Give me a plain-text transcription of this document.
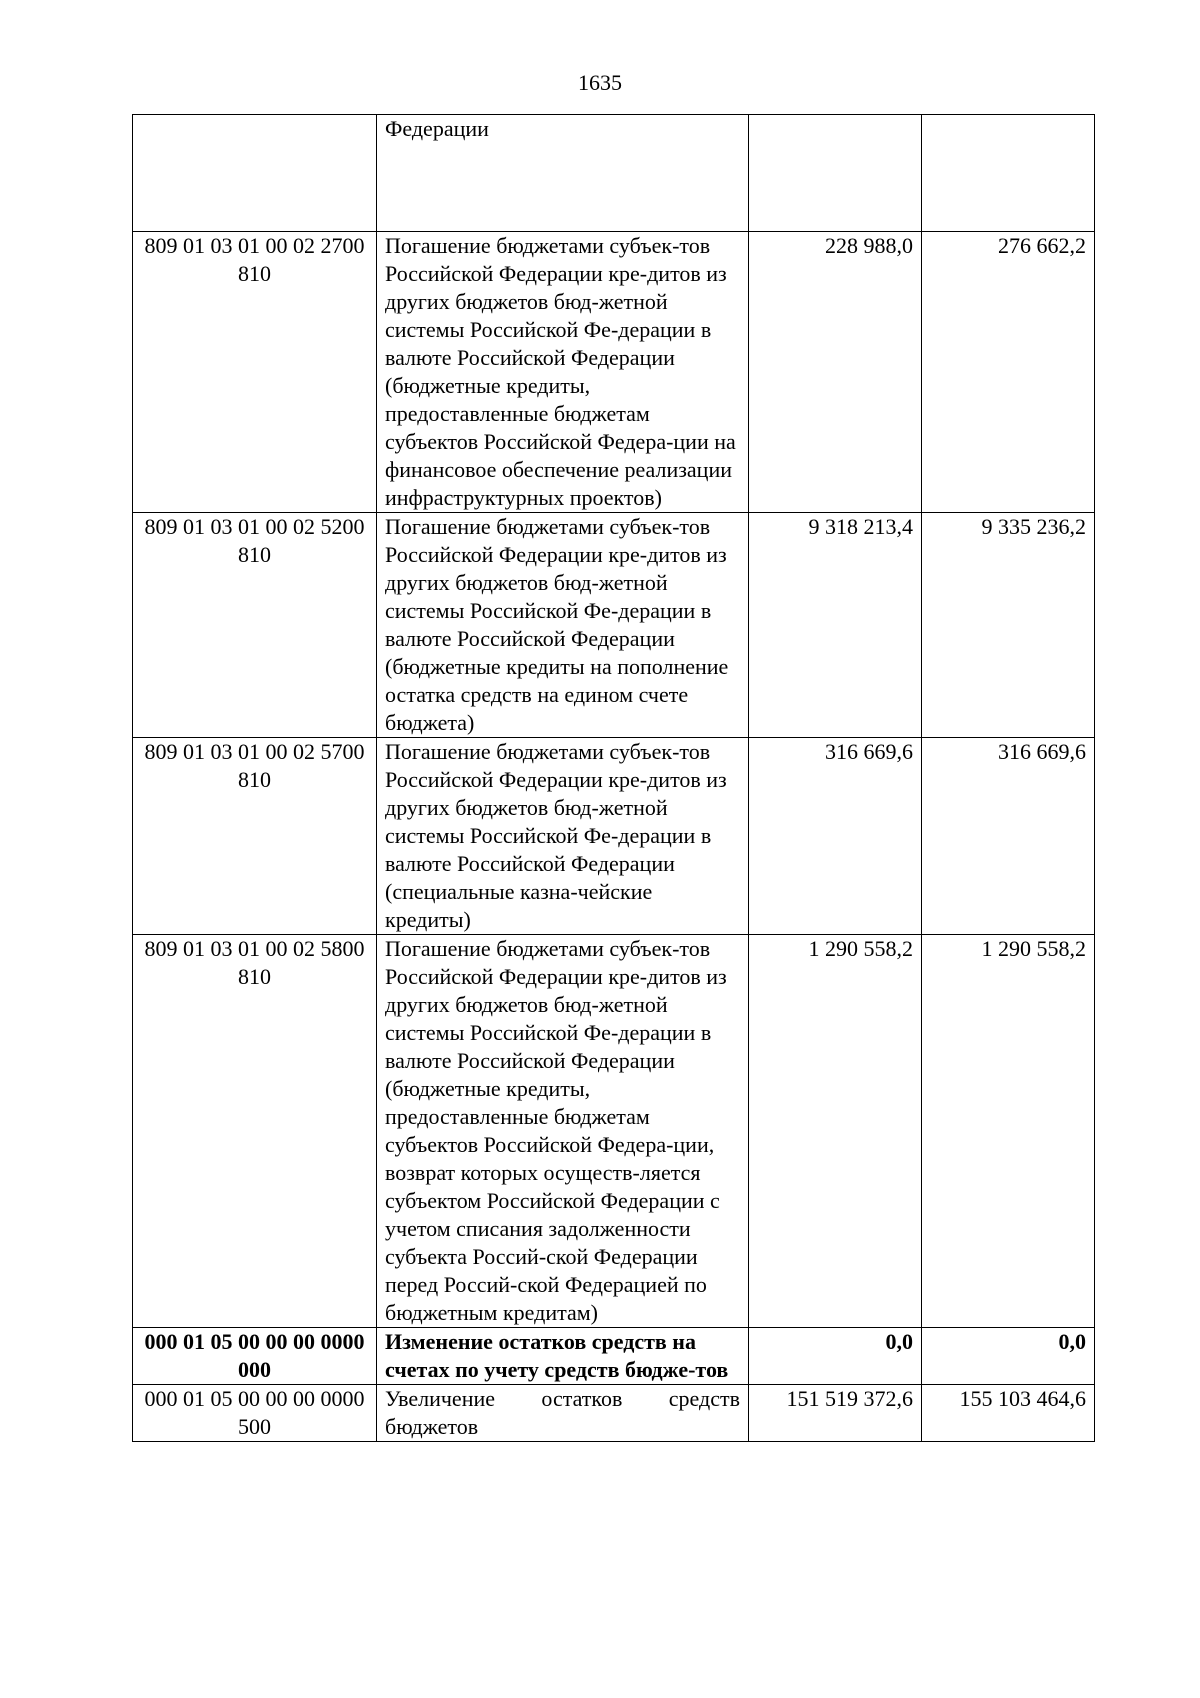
1635
	Федерации		
809 01 03 01 00 02 2700 810	Погашение бюджетами субъек-тов Российской Федерации кре-дитов из других бюджетов бюд-жетной системы Российской Фе-дерации в валюте Российской Федерации (бюджетные кредиты, предоставленные бюджетам субъектов Российской Федера-ции на финансовое обеспечение реализации инфраструктурных проектов)	228 988,0	276 662,2
809 01 03 01 00 02 5200 810	Погашение бюджетами субъек-тов Российской Федерации кре-дитов из других бюджетов бюд-жетной системы Российской Фе-дерации в валюте Российской Федерации (бюджетные кредиты на пополнение остатка средств на едином счете бюджета)	9 318 213,4	9 335 236,2
809 01 03 01 00 02 5700 810	Погашение бюджетами субъек-тов Российской Федерации кре-дитов из других бюджетов бюд-жетной системы Российской Фе-дерации в валюте Российской Федерации (специальные казна-чейские кредиты)	316 669,6	316 669,6
809 01 03 01 00 02 5800 810	Погашение бюджетами субъек-тов Российской Федерации кре-дитов из других бюджетов бюд-жетной системы Российской Фе-дерации в валюте Российской Федерации (бюджетные кредиты, предоставленные бюджетам субъектов Российской Федера-ции, возврат которых осуществ-ляется субъектом Российской Федерации с учетом списания задолженности субъекта Россий-ской Федерации перед Россий-ской Федерацией по бюджетным кредитам)	1 290 558,2	1 290 558,2
000 01 05 00 00 00 0000 000	Изменение остатков средств на счетах по учету средств бюдже-тов	0,0	0,0
000 01 05 00 00 00 0000 500	Увеличение остатков средств бюджетов	151 519 372,6	155 103 464,6
